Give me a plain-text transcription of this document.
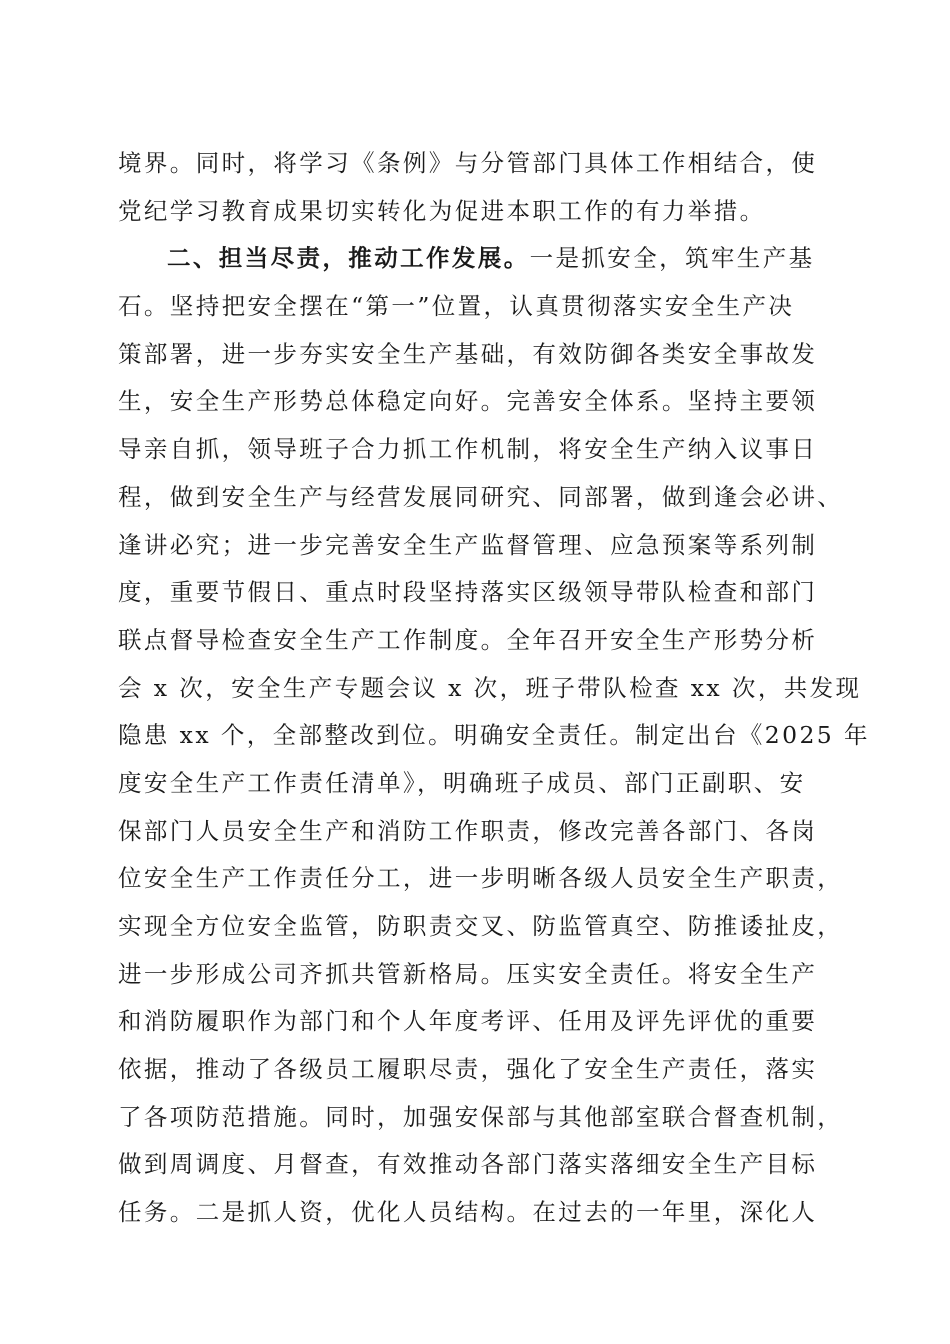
境界。同时，将学习《条例》与分管部门具体工作相结合，使
党纪学习教育成果切实转化为促进本职工作的有力举措。
二、担当尽责，推动工作发展。一是抓安全，筑牢生产基
石。坚持把安全摆在“第一”位置，认真贯彻落实安全生产决
策部署，进一步夯实安全生产基础，有效防御各类安全事故发
生，安全生产形势总体稳定向好。完善安全体系。坚持主要领
导亲自抓，领导班子合力抓工作机制，将安全生产纳入议事日
程，做到安全生产与经营发展同研究、同部署，做到逢会必讲、
逢讲必究；进一步完善安全生产监督管理、应急预案等系列制
度，重要节假日、重点时段坚持落实区级领导带队检查和部门
联点督导检查安全生产工作制度。全年召开安全生产形势分析
会 x 次，安全生产专题会议 x 次，班子带队检查 xx 次，共发现
隐患 xx 个，全部整改到位。明确安全责任。制定出台《2025 年
度安全生产工作责任清单》，明确班子成员、部门正副职、安
保部门人员安全生产和消防工作职责，修改完善各部门、各岗
位安全生产工作责任分工，进一步明晰各级人员安全生产职责，
实现全方位安全监管，防职责交叉、防监管真空、防推诿扯皮，
进一步形成公司齐抓共管新格局。压实安全责任。将安全生产
和消防履职作为部门和个人年度考评、任用及评先评优的重要
依据，推动了各级员工履职尽责，强化了安全生产责任，落实
了各项防范措施。同时，加强安保部与其他部室联合督查机制，
做到周调度、月督查，有效推动各部门落实落细安全生产目标
任务。二是抓人资，优化人员结构。在过去的一年里，深化人
